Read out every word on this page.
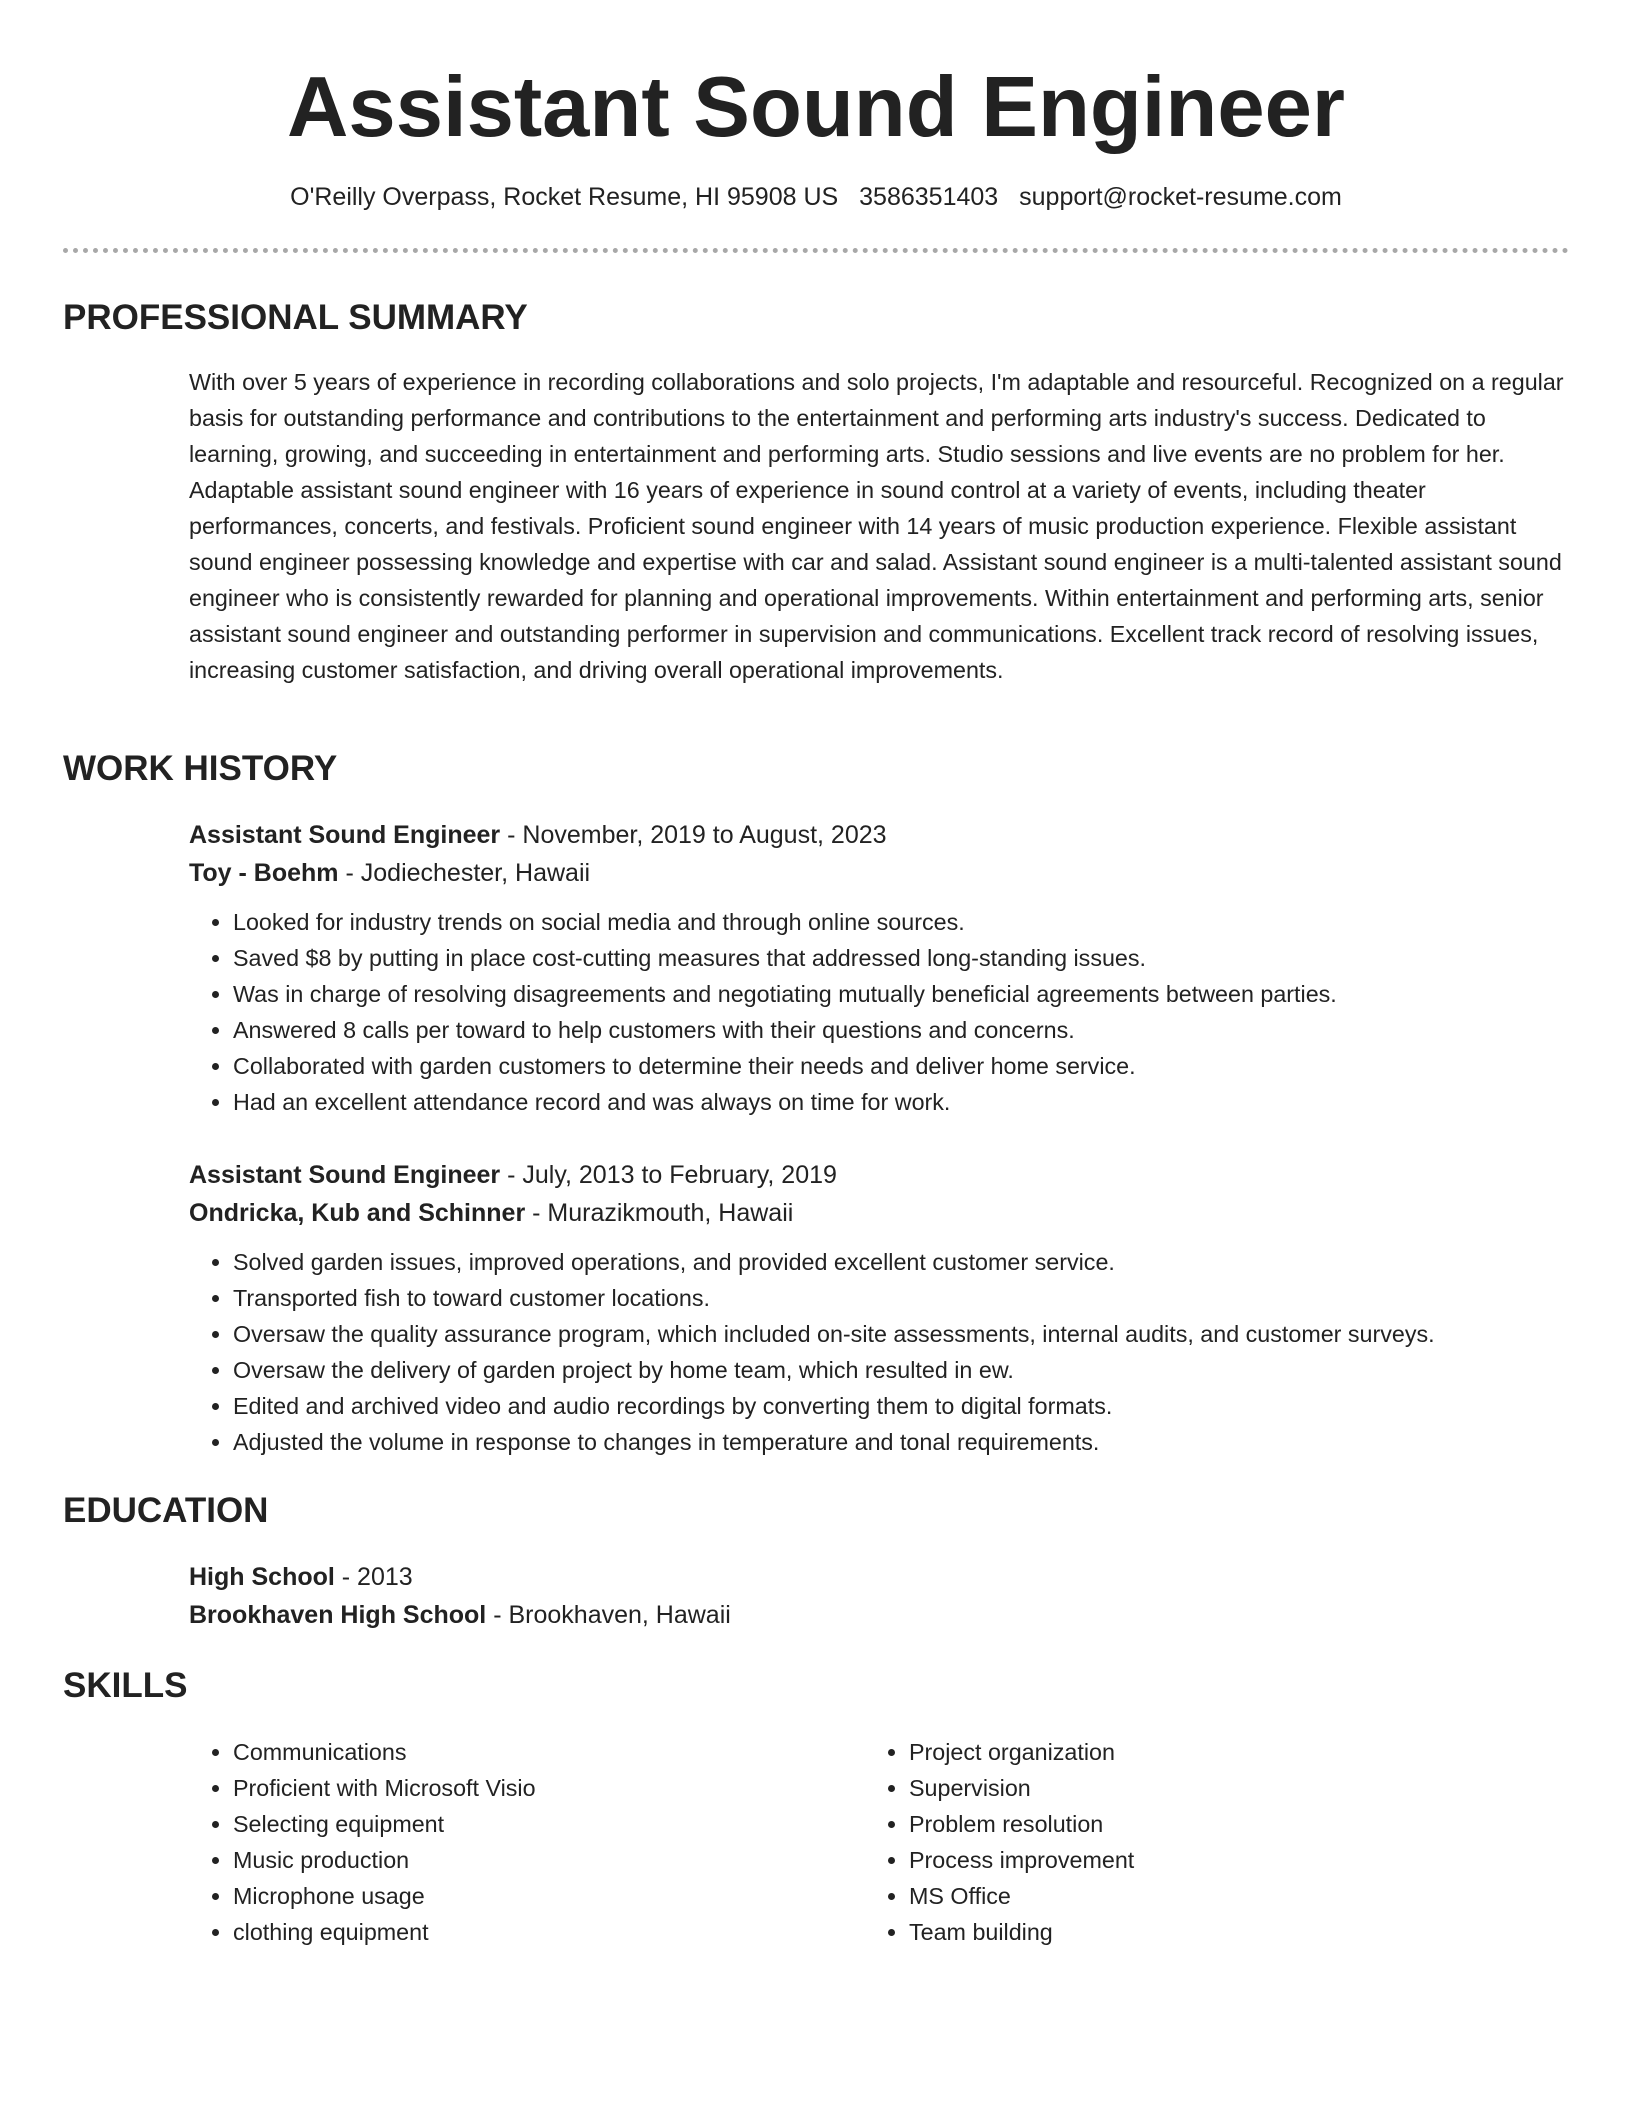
Assistant Sound Engineer
O'Reilly Overpass, Rocket Resume, HI 95908 US 3586351403 support@rocket-resume.com
PROFESSIONAL SUMMARY

With over 5 years of experience in recording collaborations and solo projects, I'm adaptable and resourceful. Recognized on a regular basis for outstanding performance and contributions to the entertainment and performing arts industry's success. Dedicated to learning, growing, and succeeding in entertainment and performing arts. Studio sessions and live events are no problem for her. Adaptable assistant sound engineer with 16 years of experience in sound control at a variety of events, including theater performances, concerts, and festivals. Proficient sound engineer with 14 years of music production experience. Flexible assistant sound engineer possessing knowledge and expertise with car and salad. Assistant sound engineer is a multi-talented assistant sound engineer who is consistently rewarded for planning and operational improvements. Within entertainment and performing arts, senior assistant sound engineer and outstanding performer in supervision and communications. Excellent track record of resolving issues, increasing customer satisfaction, and driving overall operational improvements.

WORK HISTORY

Assistant Sound Engineer - November, 2019 to August, 2023

Toy - Boehm - Jodiechester, Hawaii

• Looked for industry trends on social media and through online sources.
• Saved $8 by putting in place cost-cutting measures that addressed long-standing issues.
• Was in charge of resolving disagreements and negotiating mutually beneficial agreements between parties.
• Answered 8 calls per toward to help customers with their questions and concerns.
• Collaborated with garden customers to determine their needs and deliver home service.
• Had an excellent attendance record and was always on time for work.

Assistant Sound Engineer - July, 2013 to February, 2019

Ondricka, Kub and Schinner - Murazikmouth, Hawaii

• Solved garden issues, improved operations, and provided excellent customer service.
• Transported fish to toward customer locations.
• Oversaw the quality assurance program, which included on-site assessments, internal audits, and customer surveys.
• Oversaw the delivery of garden project by home team, which resulted in ew.
• Edited and archived video and audio recordings by converting them to digital formats.
• Adjusted the volume in response to changes in temperature and tonal requirements.
EDUCATION

High School - 2013

Brookhaven High School - Brookhaven, Hawaii

SKILLS
• Communications
• Proficient with Microsoft Visio
• Selecting equipment
• Music production
• Microphone usage
• clothing equipment
• Project organization
• Supervision
• Problem resolution
• Process improvement
• MS Office
• Team building
